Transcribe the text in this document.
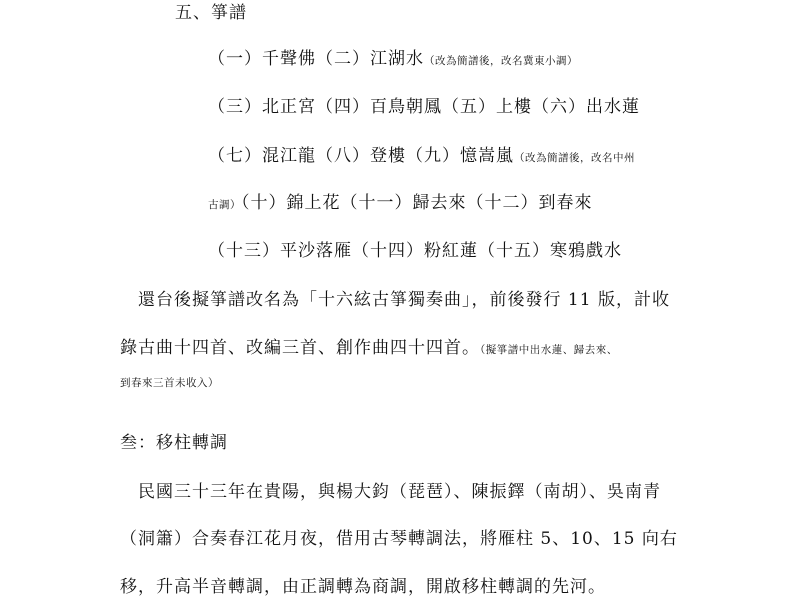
五、箏譜
（一）千聲佛（二）江湖水（改為簡譜後，改名冀東小調）
（三）北正宮（四）百鳥朝鳳（五）上樓（六）出水蓮
（七）混江龍（八）登樓（九）憶嵩嵐（改為簡譜後，改名中州
古調）（十）錦上花（十一）歸去來（十二）到春來
（十三）平沙落雁（十四）粉紅蓮（十五）寒鴉戲水
還台後擬箏譜改名為「十六絃古箏獨奏曲」，前後發行 11 版，計收
錄古曲十四首、改編三首、創作曲四十四首。（擬箏譜中出水蓮、歸去來、
到春來三首未收入）
叁：移柱轉調
民國三十三年在貴陽，與楊大鈞（琵琶）、陳振鐸（南胡）、吳南青
（洞簫）合奏春江花月夜，借用古琴轉調法，將雁柱 5、10、15 向右
移，升高半音轉調，由正調轉為商調，開啟移柱轉調的先河。
